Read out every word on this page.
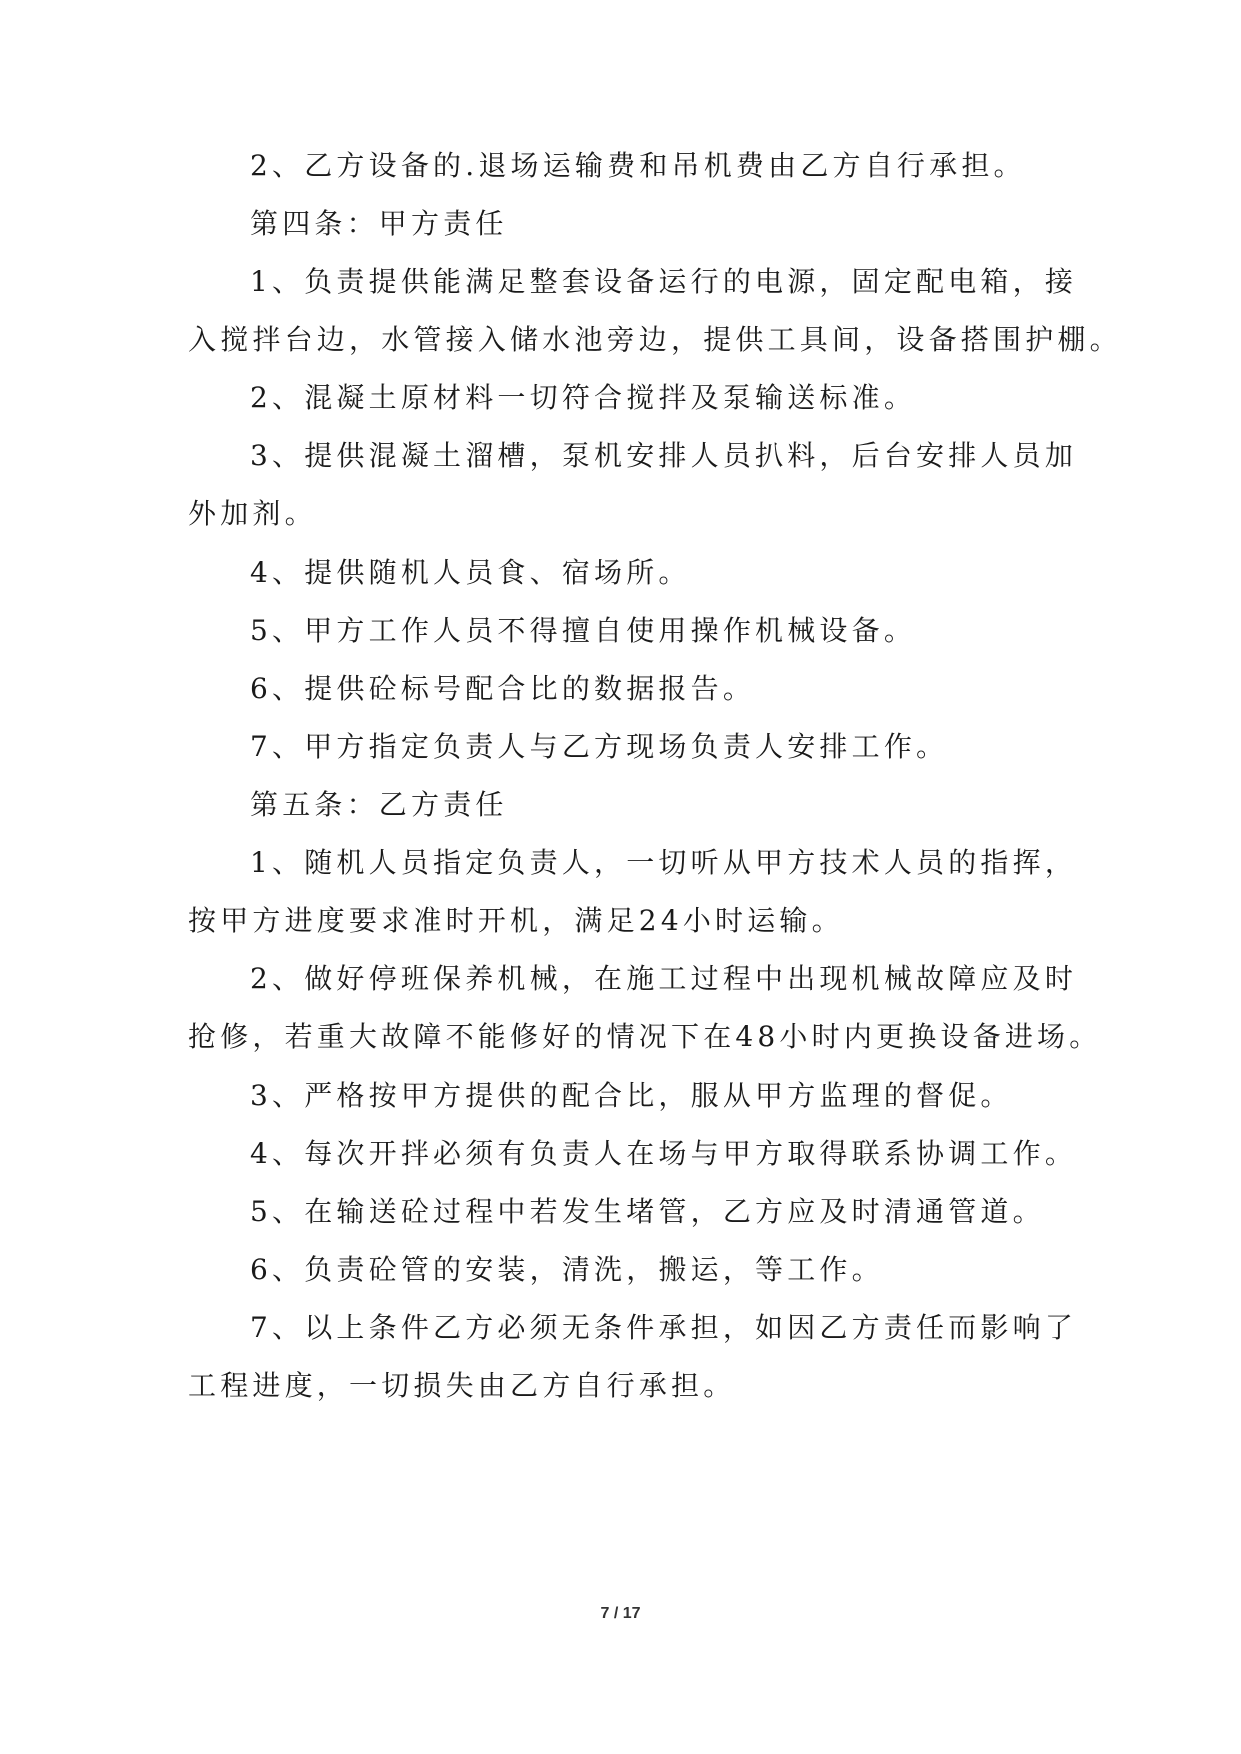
2、乙方设备的.退场运输费和吊机费由乙方自行承担。
第四条：甲方责任
1、负责提供能满足整套设备运行的电源，固定配电箱，接
入搅拌台边，水管接入储水池旁边，提供工具间，设备搭围护棚。
2、混凝土原材料一切符合搅拌及泵输送标准。
3、提供混凝土溜槽，泵机安排人员扒料，后台安排人员加
外加剂。
4、提供随机人员食、宿场所。
5、甲方工作人员不得擅自使用操作机械设备。
6、提供砼标号配合比的数据报告。
7、甲方指定负责人与乙方现场负责人安排工作。
第五条：乙方责任
1、随机人员指定负责人，一切听从甲方技术人员的指挥，
按甲方进度要求准时开机，满足24小时运输。
2、做好停班保养机械，在施工过程中出现机械故障应及时
抢修，若重大故障不能修好的情况下在48小时内更换设备进场。
3、严格按甲方提供的配合比，服从甲方监理的督促。
4、每次开拌必须有负责人在场与甲方取得联系协调工作。
5、在输送砼过程中若发生堵管，乙方应及时清通管道。
6、负责砼管的安装，清洗，搬运，等工作。
7、以上条件乙方必须无条件承担，如因乙方责任而影响了
工程进度，一切损失由乙方自行承担。
7 / 17
